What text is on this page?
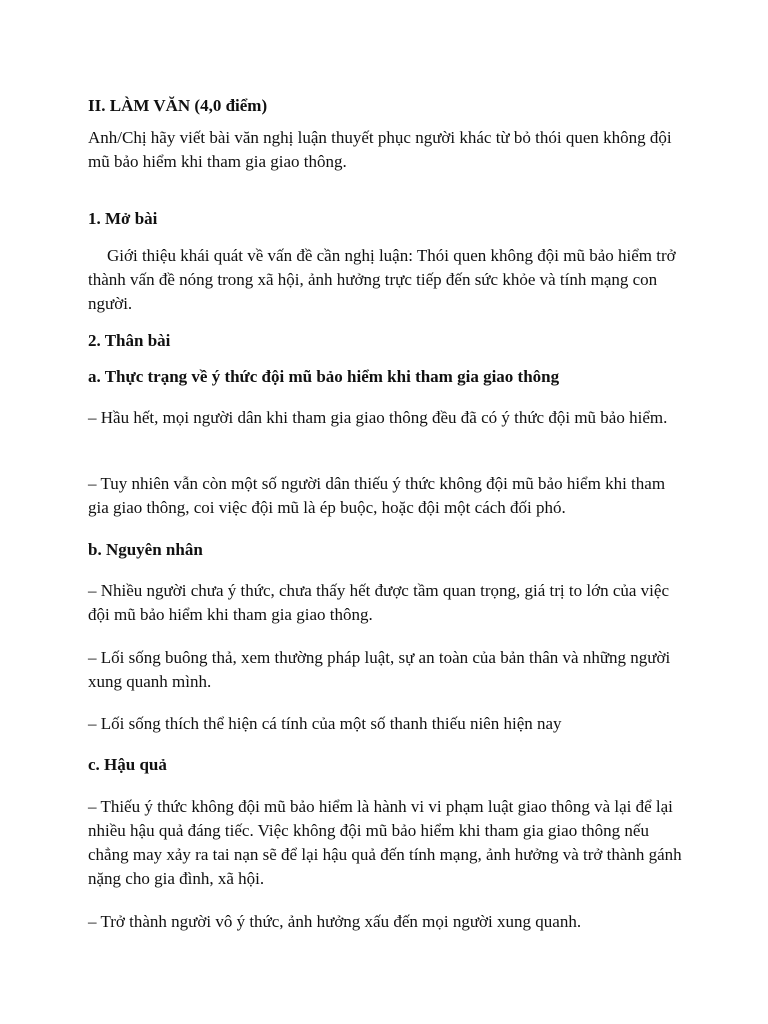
II. LÀM VĂN (4,0 điểm)

Anh/Chị hãy viết bài văn nghị luận thuyết phục người khác từ bỏ thói quen không đội mũ bảo hiểm khi tham gia giao thông.

1. Mở bài

Giới thiệu khái quát về vấn đề cần nghị luận: Thói quen không đội mũ bảo hiểm trở thành vấn đề nóng trong xã hội, ảnh hưởng trực tiếp đến sức khỏe và tính mạng con người.

2. Thân bài

a. Thực trạng về ý thức đội mũ bảo hiểm khi tham gia giao thông

– Hầu hết, mọi người dân khi tham gia giao thông đều đã có ý thức đội mũ bảo hiểm.

– Tuy nhiên vẫn còn một số người dân thiếu ý thức không đội mũ bảo hiểm khi tham gia giao thông, coi việc đội mũ là ép buộc, hoặc đội một cách đối phó.

b. Nguyên nhân

– Nhiều người chưa ý thức, chưa thấy hết được tầm quan trọng, giá trị to lớn của việc đội mũ bảo hiểm khi tham gia giao thông.

– Lối sống buông thả, xem thường pháp luật, sự an toàn của bản thân và những người xung quanh mình.

– Lối sống thích thể hiện cá tính của một số thanh thiếu niên hiện nay

c. Hậu quả

– Thiếu ý thức không đội mũ bảo hiểm là hành vi vi phạm luật giao thông và lại để lại nhiều hậu quả đáng tiếc. Việc không đội mũ bảo hiểm khi tham gia giao thông nếu chẳng may xảy ra tai nạn sẽ để lại hậu quả đến tính mạng, ảnh hưởng và trở thành gánh nặng cho gia đình, xã hội.

– Trở thành người vô ý thức, ảnh hưởng xấu đến mọi người xung quanh.
